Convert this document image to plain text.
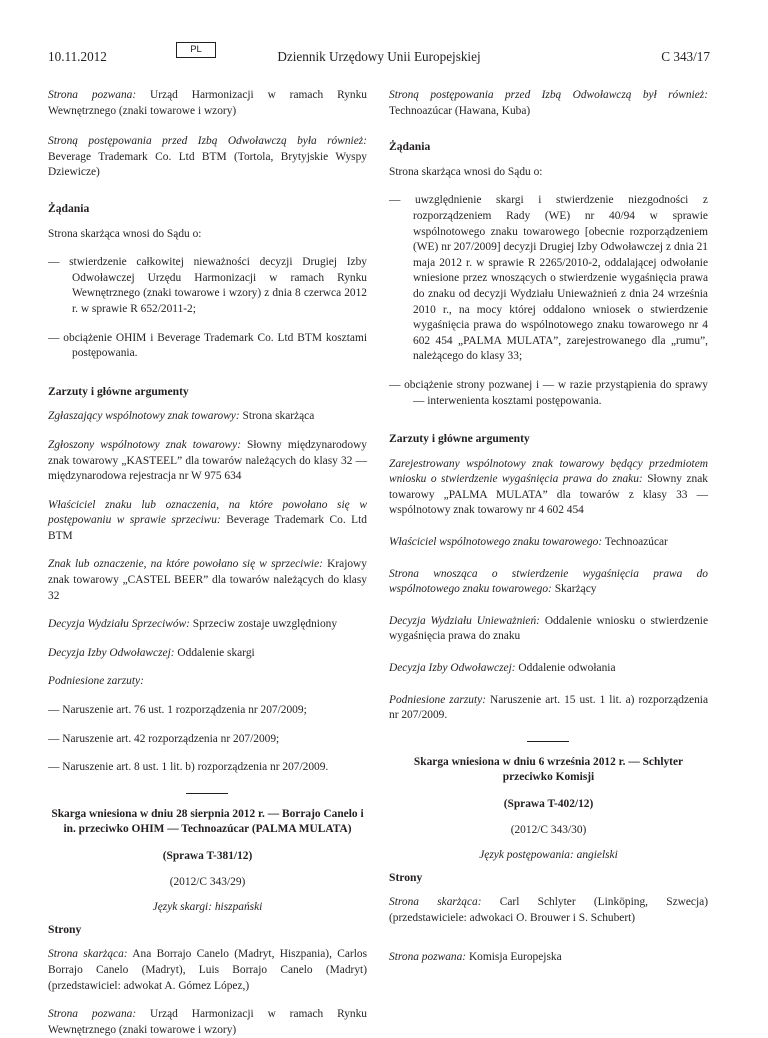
10.11.2012	PL	Dziennik Urzędowy Unii Europejskiej	C 343/17

Strona pozwana: Urząd Harmonizacji w ramach Rynku Wewnętrznego (znaki towarowe i wzory)

Stroną postępowania przed Izbą Odwoławczą była również: Beverage Trademark Co. Ltd BTM (Tortola, Brytyjskie Wyspy Dziewicze)

Żądania

Strona skarżąca wnosi do Sądu o:

— stwierdzenie całkowitej nieważności decyzji Drugiej Izby Odwoławczej Urzędu Harmonizacji w ramach Rynku Wewnętrznego (znaki towarowe i wzory) z dnia 8 czerwca 2012 r. w sprawie R 652/2011-2;

— obciążenie OHIM i Beverage Trademark Co. Ltd BTM kosztami postępowania.

Zarzuty i główne argumenty

Zgłaszający wspólnotowy znak towarowy: Strona skarżąca

Zgłoszony wspólnotowy znak towarowy: Słowny międzynarodowy znak towarowy „KASTEEL” dla towarów należących do klasy 32 — międzynarodowa rejestracja nr W 975 634

Właściciel znaku lub oznaczenia, na które powołano się w postępowaniu w sprawie sprzeciwu: Beverage Trademark Co. Ltd BTM

Znak lub oznaczenie, na które powołano się w sprzeciwie: Krajowy znak towarowy „CASTEL BEER” dla towarów należących do klasy 32

Decyzja Wydziału Sprzeciwów: Sprzeciw zostaje uwzględniony

Decyzja Izby Odwoławczej: Oddalenie skargi

Podniesione zarzuty:

— Naruszenie art. 76 ust. 1 rozporządzenia nr 207/2009;

— Naruszenie art. 42 rozporządzenia nr 207/2009;

— Naruszenie art. 8 ust. 1 lit. b) rozporządzenia nr 207/2009.

Skarga wniesiona w dniu 28 sierpnia 2012 r. — Borrajo Canelo i in. przeciwko OHIM — Technoazúcar (PALMA MULATA)

(Sprawa T-381/12)

(2012/C 343/29)

Język skargi: hiszpański

Strony

Strona skarżąca: Ana Borrajo Canelo (Madryt, Hiszpania), Carlos Borrajo Canelo (Madryt), Luis Borrajo Canelo (Madryt) (przedstawiciel: adwokat A. Gómez López,)

Strona pozwana: Urząd Harmonizacji w ramach Rynku Wewnętrznego (znaki towarowe i wzory)

Stroną postępowania przed Izbą Odwoławczą był również: Technoazúcar (Hawana, Kuba)

Żądania

Strona skarżąca wnosi do Sądu o:

— uwzględnienie skargi i stwierdzenie niezgodności z rozporządzeniem Rady (WE) nr 40/94 w sprawie wspólnotowego znaku towarowego [obecnie rozporządzeniem (WE) nr 207/2009] decyzji Drugiej Izby Odwoławczej z dnia 21 maja 2012 r. w sprawie R 2265/2010-2, oddalającej odwołanie wniesione przez wnoszących o stwierdzenie wygaśnięcia prawa do znaku od decyzji Wydziału Unieważnień z dnia 24 września 2010 r., na mocy której oddalono wniosek o stwierdzenie wygaśnięcia prawa do wspólnotowego znaku towarowego nr 4 602 454 „PALMA MULATA”, zarejestrowanego dla „rumu”, należącego do klasy 33;

— obciążenie strony pozwanej i — w razie przystąpienia do sprawy — interwenienta kosztami postępowania.

Zarzuty i główne argumenty

Zarejestrowany wspólnotowy znak towarowy będący przedmiotem wniosku o stwierdzenie wygaśnięcia prawa do znaku: Słowny znak towarowy „PALMA MULATA” dla towarów z klasy 33 — wspólnotowy znak towarowy nr 4 602 454

Właściciel wspólnotowego znaku towarowego: Technoazúcar

Strona wnosząca o stwierdzenie wygaśnięcia prawa do wspólnotowego znaku towarowego: Skarżący

Decyzja Wydziału Unieważnień: Oddalenie wniosku o stwierdzenie wygaśnięcia prawa do znaku

Decyzja Izby Odwoławczej: Oddalenie odwołania

Podniesione zarzuty: Naruszenie art. 15 ust. 1 lit. a) rozporządzenia nr 207/2009.

Skarga wniesiona w dniu 6 września 2012 r. — Schlyter przeciwko Komisji

(Sprawa T-402/12)

(2012/C 343/30)

Język postępowania: angielski

Strony

Strona skarżąca: Carl Schlyter (Linköping, Szwecja) (przedstawiciele: adwokaci O. Brouwer i S. Schubert)

Strona pozwana: Komisja Europejska
